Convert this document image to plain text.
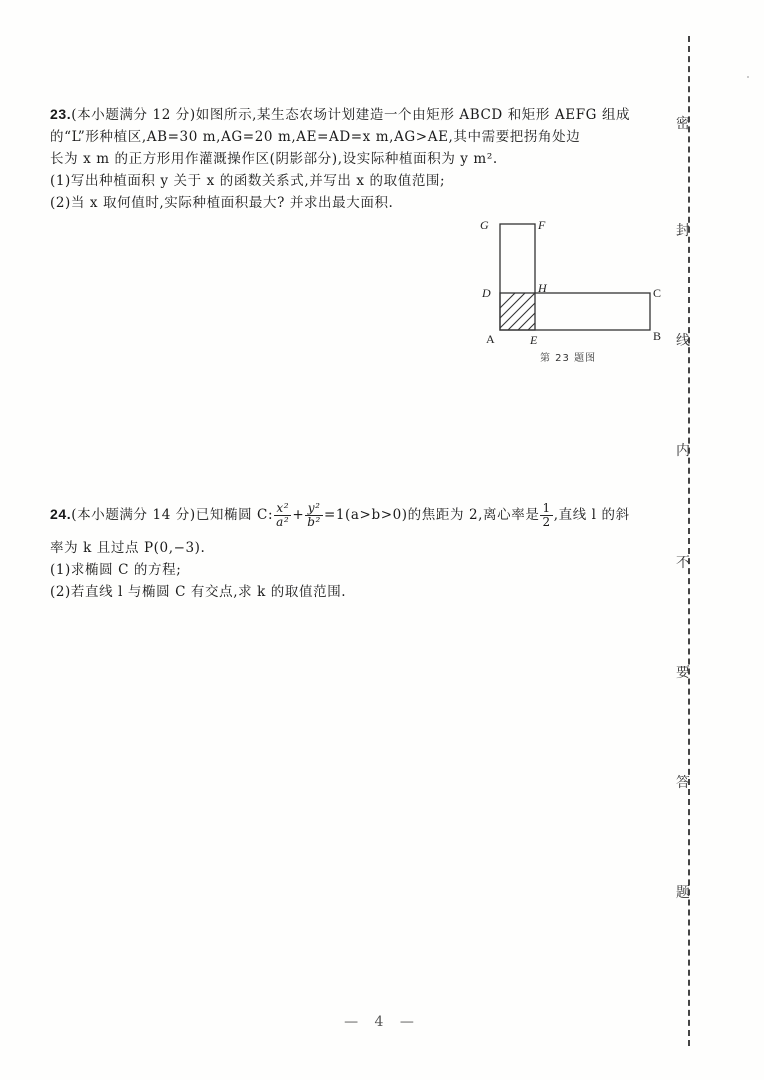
23.(本小题满分 12 分)如图所示,某生态农场计划建造一个由矩形 ABCD 和矩形 AEFG 组成
的“L”形种植区,AB=30 m,AG=20 m,AE=AD=x m,AG>AE,其中需要把拐角处边
长为 x m 的正方形用作灌溉操作区(阴影部分),设实际种植面积为 y m².
(1)写出种植面积 y 关于 x 的函数关系式,并写出 x 的取值范围;
(2)当 x 取何值时,实际种植面积最大? 并求出最大面积.
G	F
D	H	C
A	E	B
第 23 题图
24.(本小题满分 14 分)已知椭圆 C: $\frac{\text{x²}}{\text{a²}} + \frac{\text{y²}}{\text{b²}} =1(a>b>0)$的焦距为 2,离心率是 $\frac{1}{2}$ ,直线 l 的斜
率为 k 且过点 P(0,−3).
(1)求椭圆 C 的方程;
(2)若直线 l 与椭圆 C 有交点,求 k 的取值范围.
密
封
线
内
不
要
答
题
— 4 —
